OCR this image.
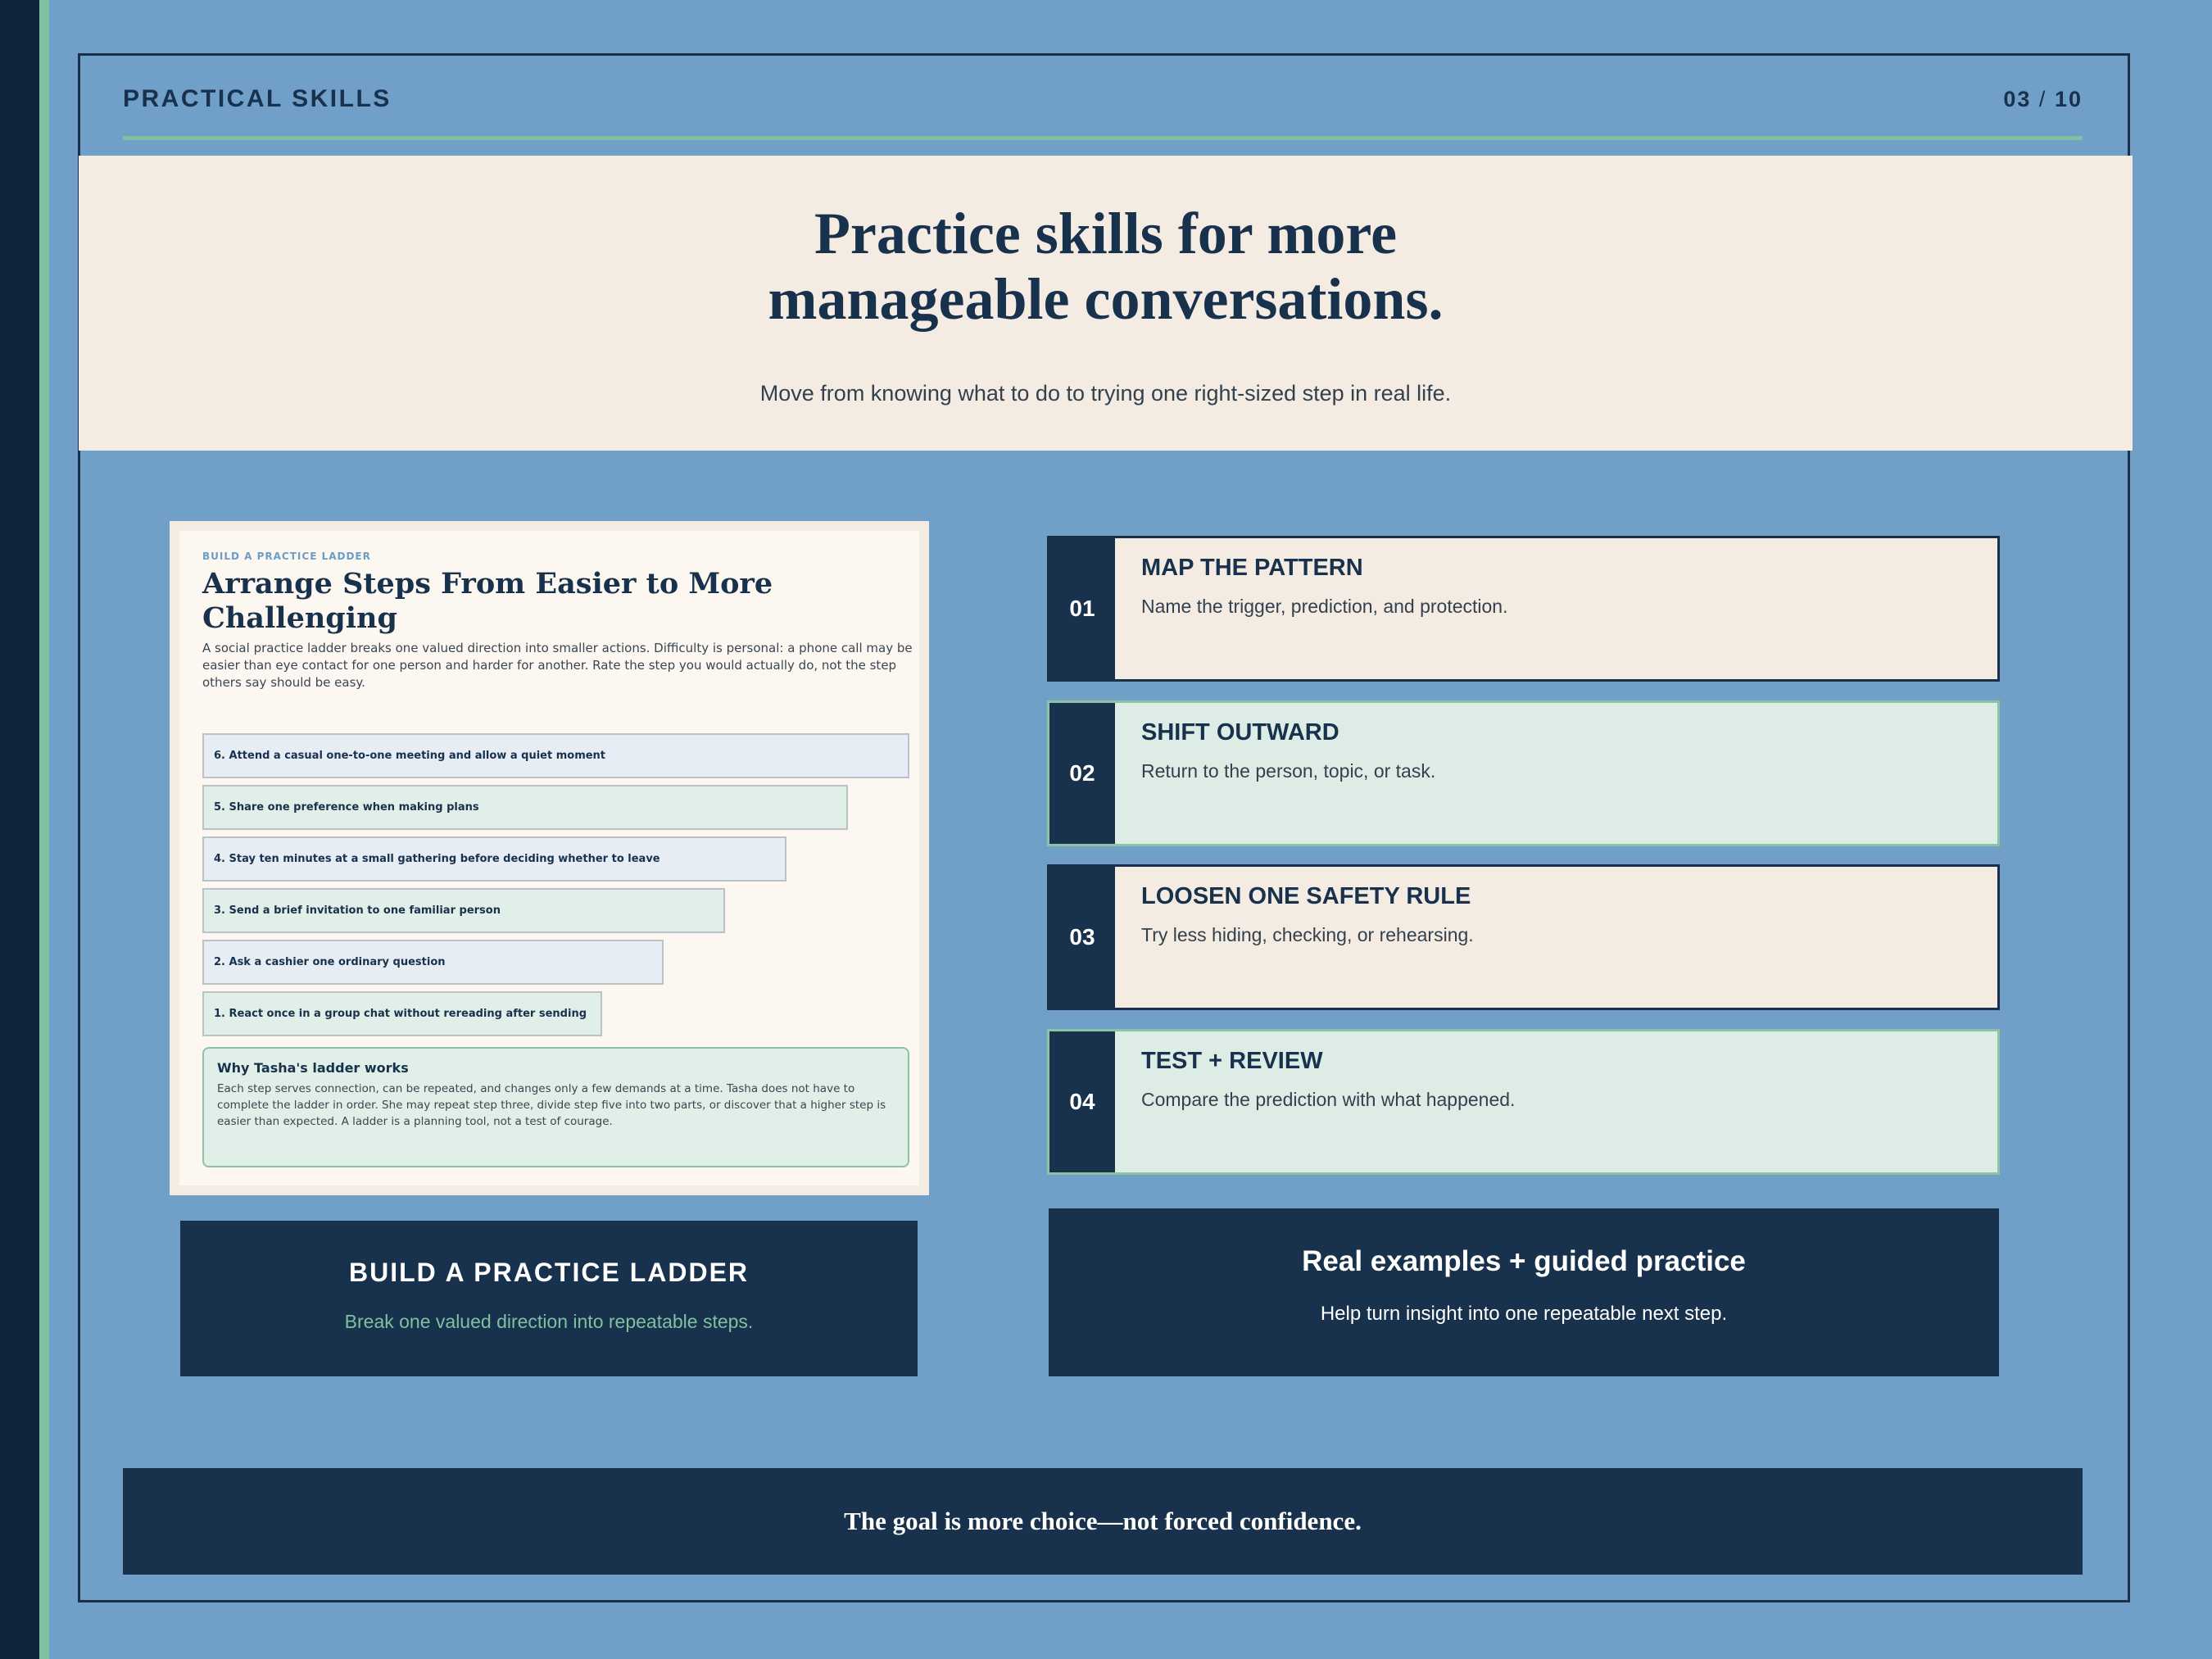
PRACTICAL SKILLS	03 / 10
Practice skills for more
manageable conversations.
Move from knowing what to do to trying one right-sized step in real life.
BUILD A PRACTICE LADDER
Arrange Steps From Easier to More Challenging
A social practice ladder breaks one valued direction into smaller actions. Difficulty is personal: a phone call may be easier than eye contact for one person and harder for another. Rate the step you would actually do, not the step others say should be easy.
6. Attend a casual one-to-one meeting and allow a quiet moment
5. Share one preference when making plans
4. Stay ten minutes at a small gathering before deciding whether to leave
3. Send a brief invitation to one familiar person
2. Ask a cashier one ordinary question
1. React once in a group chat without rereading after sending
Why Tasha's ladder works
Each step serves connection, can be repeated, and changes only a few demands at a time. Tasha does not have to complete the ladder in order. She may repeat step three, divide step five into two parts, or discover that a higher step is easier than expected. A ladder is a planning tool, not a test of courage.
BUILD A PRACTICE LADDER
Break one valued direction into repeatable steps.
01
MAP THE PATTERN
Name the trigger, prediction, and protection.
02
SHIFT OUTWARD
Return to the person, topic, or task.
03
LOOSEN ONE SAFETY RULE
Try less hiding, checking, or rehearsing.
04
TEST + REVIEW
Compare the prediction with what happened.
Real examples + guided practice
Help turn insight into one repeatable next step.
The goal is more choice—not forced confidence.
